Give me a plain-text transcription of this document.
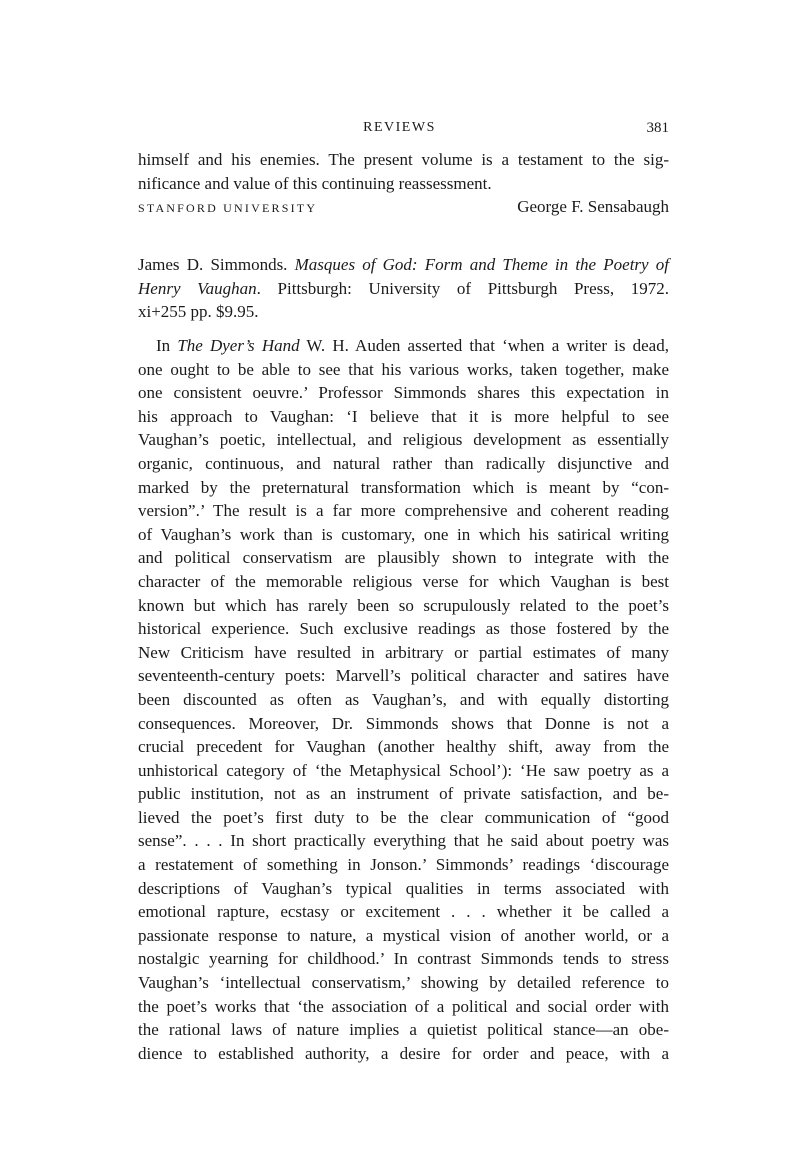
REVIEWS	381
himself and his enemies. The present volume is a testament to the sig-
nificance and value of this continuing reassessment.
STANFORD UNIVERSITY	George F. Sensabaugh
James D. Simmonds. Masques of God: Form and Theme in the Poetry of
Henry Vaughan. Pittsburgh: University of Pittsburgh Press, 1972.
xi+255 pp. $9.95.
In The Dyer’s Hand W. H. Auden asserted that ‘when a writer is dead,
one ought to be able to see that his various works, taken together, make
one consistent oeuvre.’ Professor Simmonds shares this expectation in
his approach to Vaughan: ‘I believe that it is more helpful to see
Vaughan’s poetic, intellectual, and religious development as essentially
organic, continuous, and natural rather than radically disjunctive and
marked by the preternatural transformation which is meant by “con-
version”.’ The result is a far more comprehensive and coherent reading
of Vaughan’s work than is customary, one in which his satirical writing
and political conservatism are plausibly shown to integrate with the
character of the memorable religious verse for which Vaughan is best
known but which has rarely been so scrupulously related to the poet’s
historical experience. Such exclusive readings as those fostered by the
New Criticism have resulted in arbitrary or partial estimates of many
seventeenth-century poets: Marvell’s political character and satires have
been discounted as often as Vaughan’s, and with equally distorting
consequences. Moreover, Dr. Simmonds shows that Donne is not a
crucial precedent for Vaughan (another healthy shift, away from the
unhistorical category of ‘the Metaphysical School’): ‘He saw poetry as a
public institution, not as an instrument of private satisfaction, and be-
lieved the poet’s first duty to be the clear communication of “good
sense”. . . . In short practically everything that he said about poetry was
a restatement of something in Jonson.’ Simmonds’ readings ‘discourage
descriptions of Vaughan’s typical qualities in terms associated with
emotional rapture, ecstasy or excitement . . . whether it be called a
passionate response to nature, a mystical vision of another world, or a
nostalgic yearning for childhood.’ In contrast Simmonds tends to stress
Vaughan’s ‘intellectual conservatism,’ showing by detailed reference to
the poet’s works that ‘the association of a political and social order with
the rational laws of nature implies a quietist political stance—an obe-
dience to established authority, a desire for order and peace, with a
